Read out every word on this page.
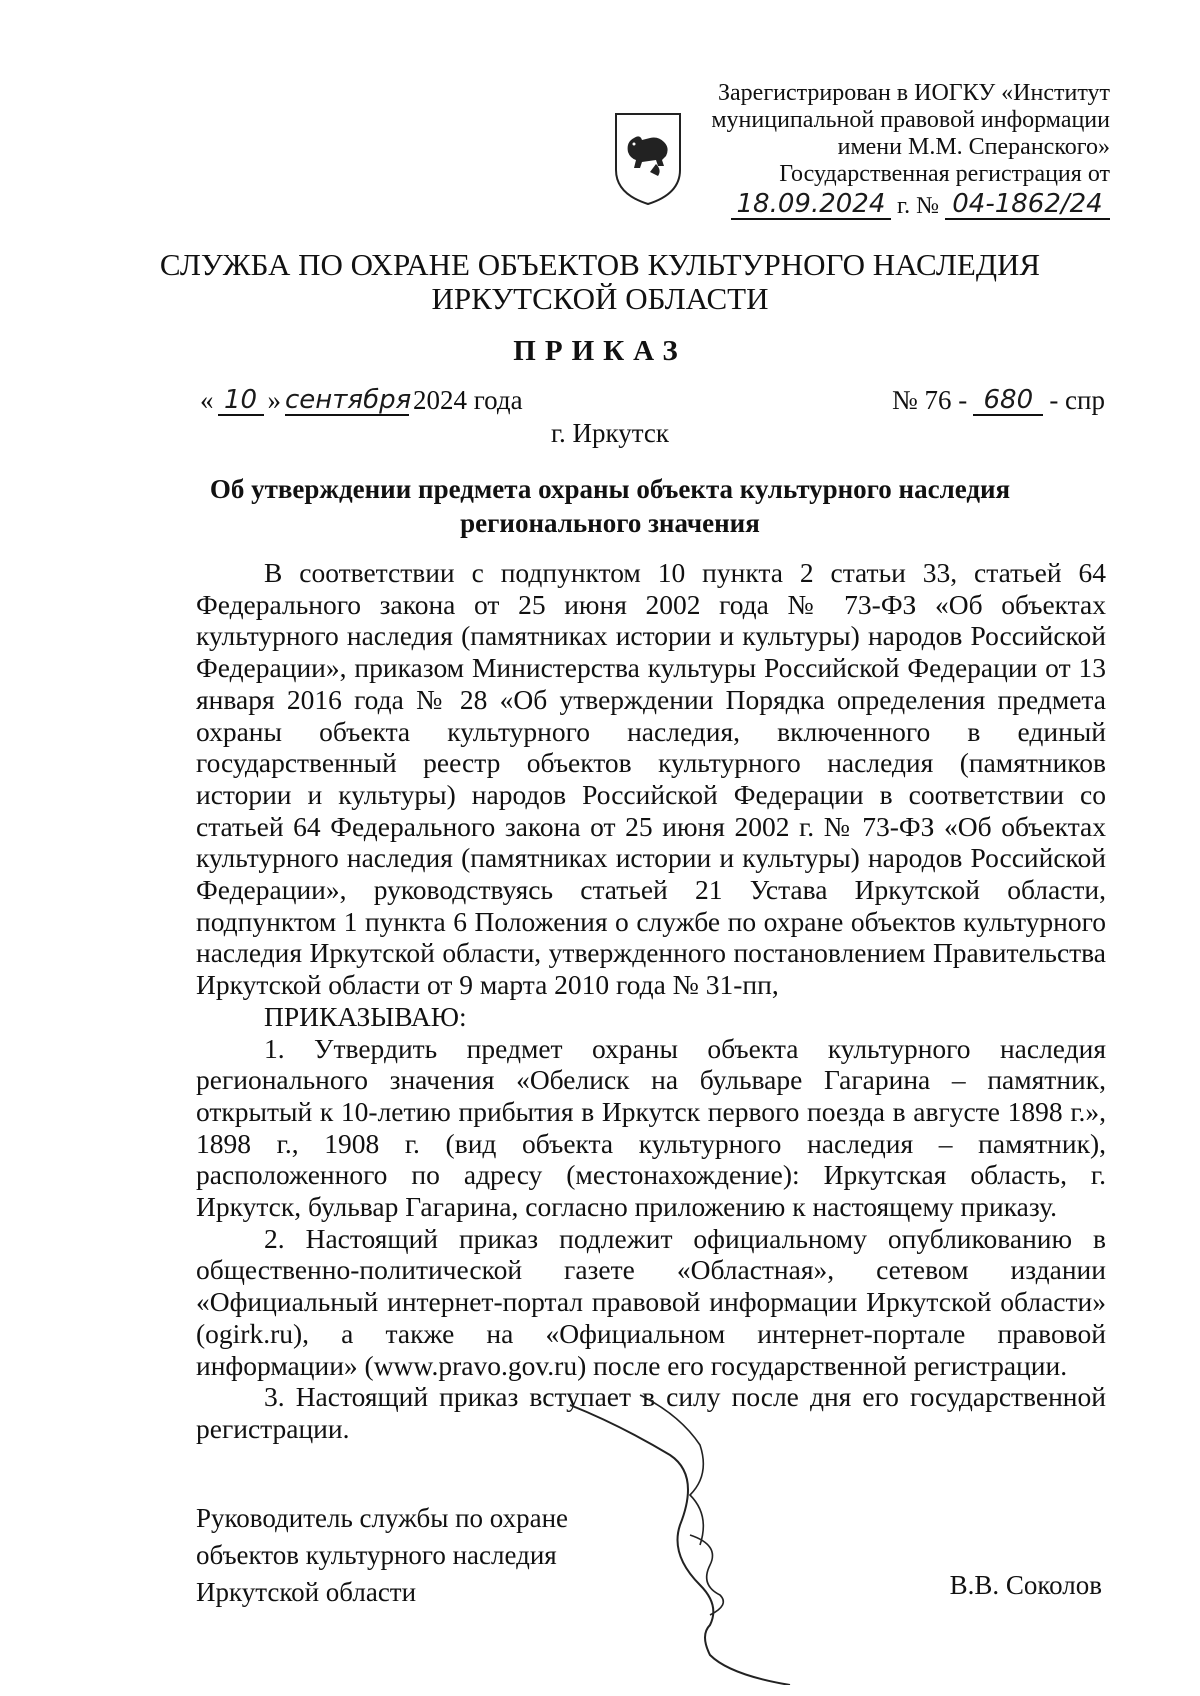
Зарегистрирован в ИОГКУ «Институт
муниципальной правовой информации
имени М.М. Сперанского»
Государственная регистрация от
18.09.2024 г. № 04-1862/24
СЛУЖБА ПО ОХРАНЕ ОБЪЕКТОВ КУЛЬТУРНОГО НАСЛЕДИЯ
ИРКУТСКОЙ ОБЛАСТИ
ПРИКАЗ
« 10 » сентября 2024 года	№ 76 - 680 - спр
г. Иркутск
Об утверждении предмета охраны объекта культурного наследия
регионального значения

В соответствии с подпунктом 10 пункта 2 статьи 33, статьей 64 Федерального закона от 25 июня 2002 года № 73-ФЗ «Об объектах культурного наследия (памятниках истории и культуры) народов Российской Федерации», приказом Министерства культуры Российской Федерации от 13 января 2016 года № 28 «Об утверждении Порядка определения предмета охраны объекта культурного наследия, включенного в единый государственный реестр объектов культурного наследия (памятников истории и культуры) народов Российской Федерации в соответствии со статьей 64 Федерального закона от 25 июня 2002 г. № 73-ФЗ «Об объектах культурного наследия (памятниках истории и культуры) народов Российской Федерации», руководствуясь статьей 21 Устава Иркутской области, подпунктом 1 пункта 6 Положения о службе по охране объектов культурного наследия Иркутской области, утвержденного постановлением Правительства Иркутской области от 9 марта 2010 года № 31-пп,

ПРИКАЗЫВАЮ:

1. Утвердить предмет охраны объекта культурного наследия регионального значения «Обелиск на бульваре Гагарина – памятник, открытый к 10-летию прибытия в Иркутск первого поезда в августе 1898 г.», 1898 г., 1908 г. (вид объекта культурного наследия – памятник), расположенного по адресу (местонахождение): Иркутская область, г. Иркутск, бульвар Гагарина, согласно приложению к настоящему приказу.

2. Настоящий приказ подлежит официальному опубликованию в общественно-политической газете «Областная», сетевом издании «Официальный интернет-портал правовой информации Иркутской области» (ogirk.ru), а также на «Официальном интернет-портале правовой информации» (www.pravo.gov.ru) после его государственной регистрации.

3. Настоящий приказ вступает в силу после дня его государственной регистрации.

Руководитель службы по охране
объектов культурного наследия
Иркутской области	В.В. Соколов
